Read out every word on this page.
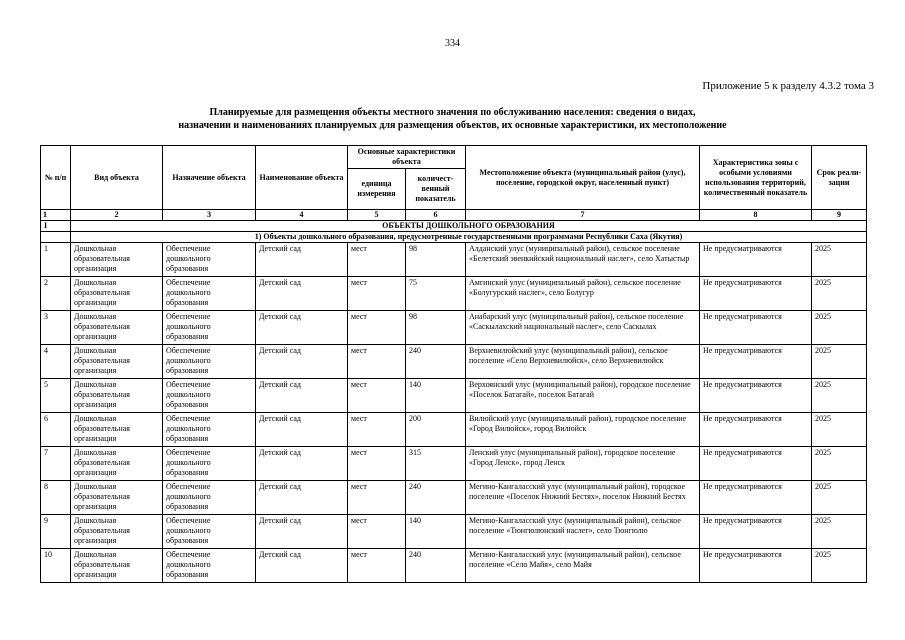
334
Приложение 5 к разделу 4.3.2 тома 3
Планируемые для размещения объекты местного значения по обслуживанию населения: сведения о видах,
назначении и наименованиях планируемых для размещения объектов, их основные характеристики, их местоположение
№ п/п	Вид объекта	Назначение объекта	Наименование объекта	Основные характеристики объекта		Местоположение объекта (муниципальный район (улус), поселение, городской округ, населенный пункт)	Характеристика зоны с особыми условиями использования территорий, количественный показатель	Срок реали-зации
				единица измерения	количест-венный показатель			
1	2	3	4	5	6	7	8	9
I	ОБЪЕКТЫ ДОШКОЛЬНОГО ОБРАЗОВАНИЯ							
	1) Объекты дошкольного образования, предусмотренные государственными программами Республики Саха (Якутия)							
1	Дошкольная образовательная организация	Обеспечение дошкольного образования	Детский сад	мест	98	Алданский улус (муниципальный район), сельское поселение «Белетский эвенкийский национальный наслег», село Хатыстыр	Не предусматриваются	2025
2	Дошкольная образовательная организация	Обеспечение дошкольного образования	Детский сад	мест	75	Амгинский улус (муниципальный район), сельское поселение «Болугурский наслег», село Болугур	Не предусматриваются	2025
3	Дошкольная образовательная организация	Обеспечение дошкольного образования	Детский сад	мест	98	Анабарский улус (муниципальный район), сельское поселение «Саскылахский национальный наслег», село Саскылах	Не предусматриваются	2025
4	Дошкольная образовательная организация	Обеспечение дошкольного образования	Детский сад	мест	240	Верхневилюйский улус (муниципальный район), сельское поселение «Село Верхневилюйск», село Верхневилюйск	Не предусматриваются	2025
5	Дошкольная образовательная организация	Обеспечение дошкольного образования	Детский сад	мест	140	Верхоянский улус (муниципальный район), городское поселение «Поселок Батагай», поселок Батагай	Не предусматриваются	2025
6	Дошкольная образовательная организация	Обеспечение дошкольного образования	Детский сад	мест	200	Вилюйский улус (муниципальный район), городское поселение «Город Вилюйск», город Вилюйск	Не предусматриваются	2025
7	Дошкольная образовательная организация	Обеспечение дошкольного образования	Детский сад	мест	315	Ленский улус (муниципальный район), городское поселение «Город Ленск», город Ленск	Не предусматриваются	2025
8	Дошкольная образовательная организация	Обеспечение дошкольного образования	Детский сад	мест	240	Мегино-Кангаласский улус (муниципальный район), городское поселение «Поселок Нижний Бестях», поселок Нижний Бестях	Не предусматриваются	2025
9	Дошкольная образовательная организация	Обеспечение дошкольного образования	Детский сад	мест	140	Мегино-Кангаласский улус (муниципальный район), сельское поселение «Тюнгюлюнский наслег», село Тюнгюлю	Не предусматриваются	2025
10	Дошкольная образовательная организация	Обеспечение дошкольного образования	Детский сад	мест	240	Мегино-Кангаласский улус (муниципальный район), сельское поселение «Село Майя», село Майя	Не предусматриваются	2025
